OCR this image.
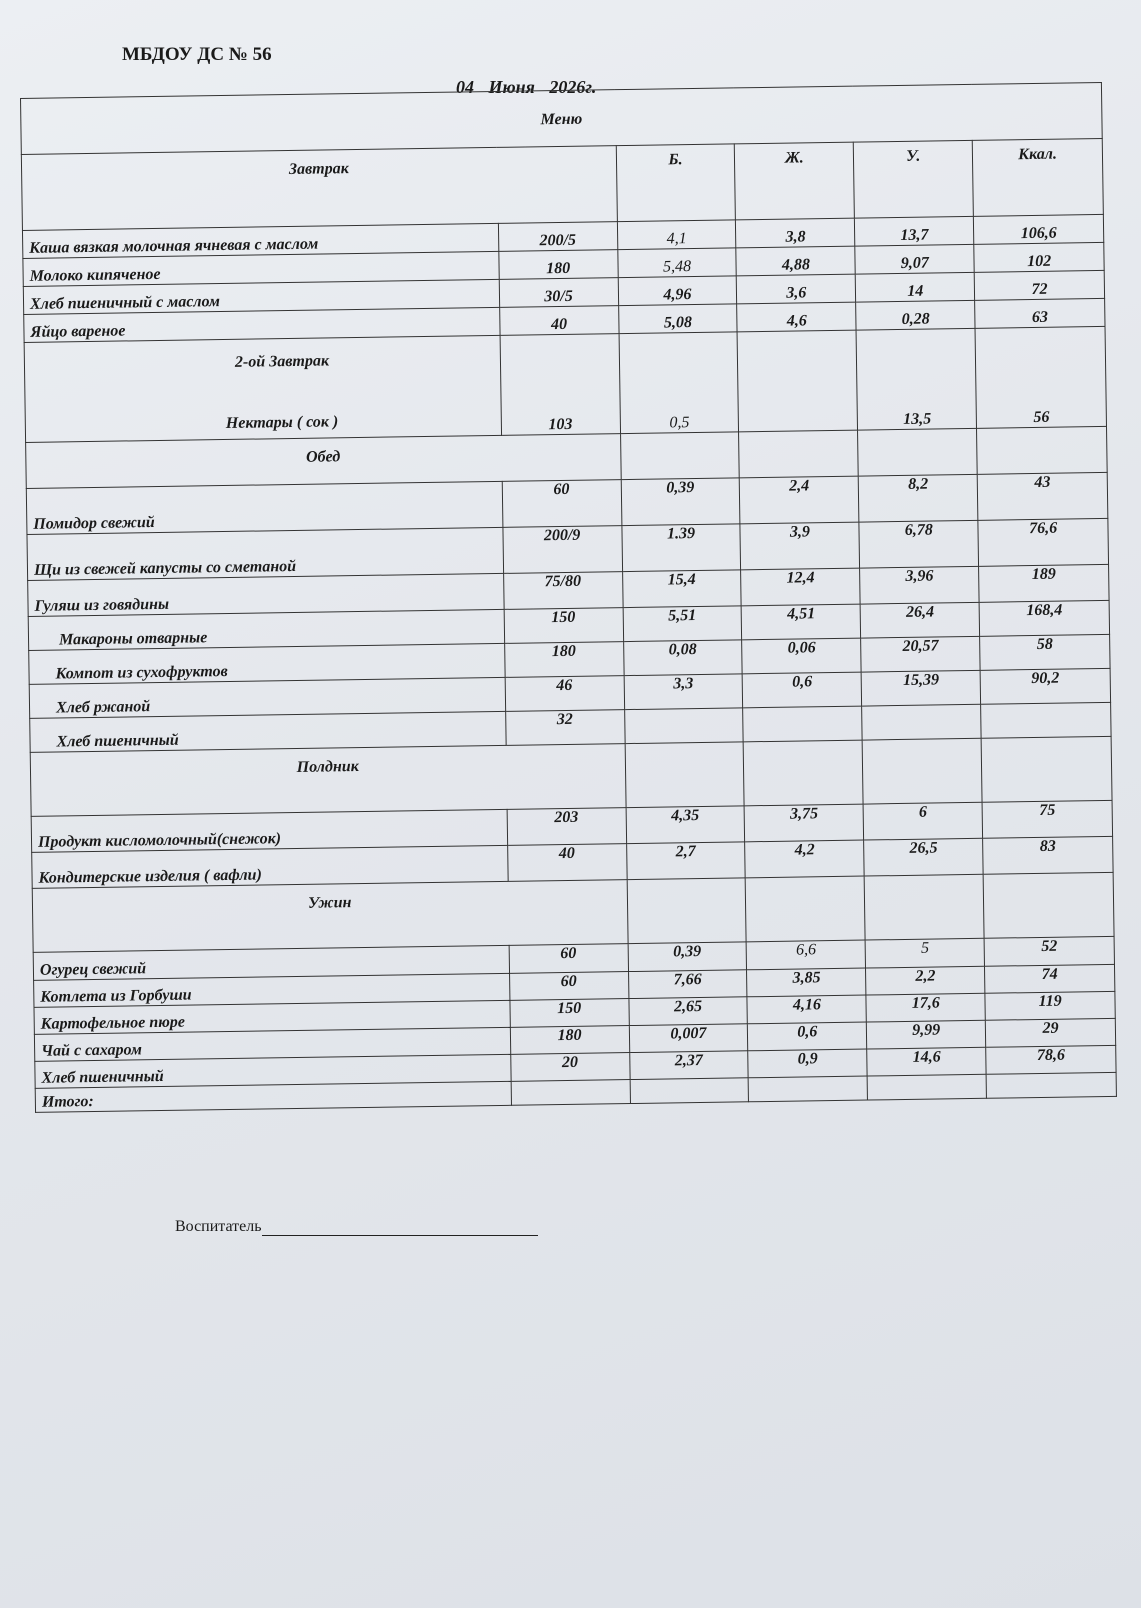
МБДОУ ДС № 56
04 Июня 2026г.
Меню					
Завтрак		Б.	Ж.	У.	Ккал.
Каша вязкая молочная ячневая с маслом	200/5	4,1	3,8	13,7	106,6
Молоко кипяченое	180	5,48	4,88	9,07	102
Хлеб пшеничный с маслом	30/5	4,96	3,6	14	72
Яйцо вареное	40	5,08	4,6	0,28	63

2-ой Завтрак
Нектары ( сок )	103	0,5		13,5	56
Обед					
Помидор свежий	60	0,39	2,4	8,2	43
Щи из свежей капусты со сметаной	200/9	1.39	3,9	6,78	76,6
Гуляш из говядины	75/80	15,4	12,4	3,96	189
Макароны отварные	150	5,51	4,51	26,4	168,4
Компот из сухофруктов	180	0,08	0,06	20,57	58
Хлеб ржаной	46	3,3	0,6	15,39	90,2
Хлеб пшеничный	32				
Полдник					
Продукт кисломолочный(снежок)	203	4,35	3,75	6	75
Кондитерские изделия ( вафли)	40	2,7	4,2	26,5	83
Ужин					
Огурец свежий	60	0,39	6,6	5	52
Котлета из Горбуши	60	7,66	3,85	2,2	74
Картофельное пюре	150	2,65	4,16	17,6	119
Чай с сахаром	180	0,007	0,6	9,99	29
Хлеб пшеничный	20	2,37	0,9	14,6	78,6
Итого:					
Воспитатель
